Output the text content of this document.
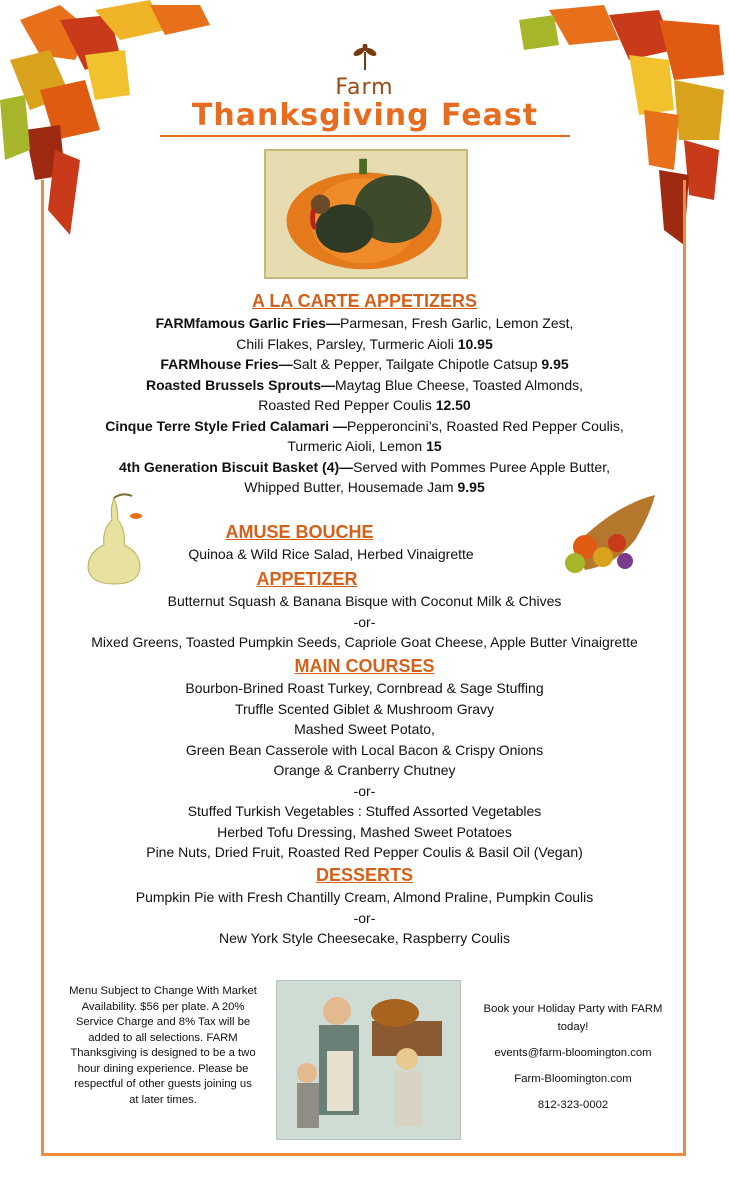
Farm
Thanksgiving Feast
A LA CARTE APPETIZERS
FARMfamous Garlic Fries—Parmesan, Fresh Garlic, Lemon Zest,
Chili Flakes, Parsley, Turmeric Aioli 10.95
FARMhouse Fries—Salt & Pepper, Tailgate Chipotle Catsup 9.95
Roasted Brussels Sprouts—Maytag Blue Cheese, Toasted Almonds,
Roasted Red Pepper Coulis 12.50
Cinque Terre Style Fried Calamari —Pepperoncini’s, Roasted Red Pepper Coulis,
Turmeric Aioli, Lemon 15
4th Generation Biscuit Basket (4)—Served with Pommes Puree Apple Butter,
Whipped Butter, Housemade Jam 9.95
AMUSE BOUCHE
Quinoa & Wild Rice Salad, Herbed Vinaigrette
APPETIZER
Butternut Squash & Banana Bisque with Coconut Milk & Chives
-or-
Mixed Greens, Toasted Pumpkin Seeds, Capriole Goat Cheese, Apple Butter Vinaigrette
MAIN COURSES
Bourbon-Brined Roast Turkey, Cornbread & Sage Stuffing
Truffle Scented Giblet & Mushroom Gravy
Mashed Sweet Potato,
Green Bean Casserole with Local Bacon & Crispy Onions
Orange & Cranberry Chutney
-or-
Stuffed Turkish Vegetables : Stuffed Assorted Vegetables
Herbed Tofu Dressing, Mashed Sweet Potatoes
Pine Nuts, Dried Fruit, Roasted Red Pepper Coulis & Basil Oil (Vegan)
DESSERTS
Pumpkin Pie with Fresh Chantilly Cream, Almond Praline, Pumpkin Coulis
-or-
New York Style Cheesecake, Raspberry Coulis
Menu Subject to Change With Market Availability. $56 per plate. A 20% Service Charge and 8% Tax will be added to all selections. FARM Thanksgiving is designed to be a two hour dining experience. Please be respectful of other guests joining us at later times.
Book your Holiday Party with FARM today!
events@farm-bloomington.com
Farm-Bloomington.com
812-323-0002
